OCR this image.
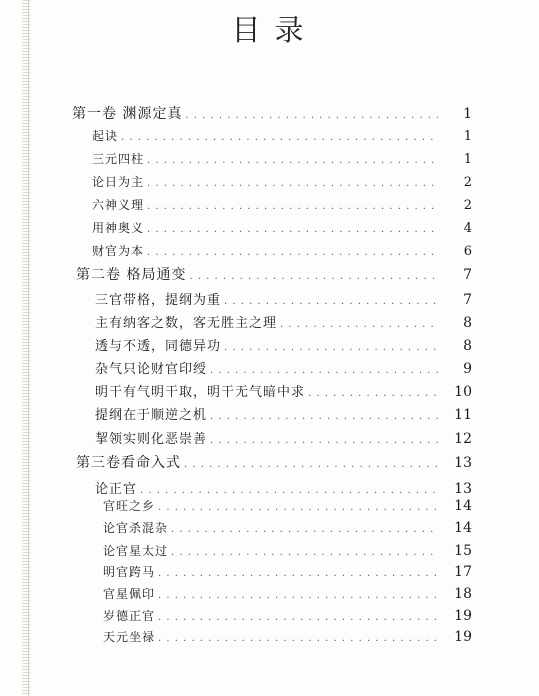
目录
第一卷 渊源定真 . . .	1
起诀 . . .	1
三元四柱 . . .	1
论日为主 . . .	2
六神义理 . . .	2
用神奥义 . . .	4
财官为本 . . .	6
第二卷 格局通变 . . .	7
三官带格，提纲为重 . . .	7
主有纳客之数，客无胜主之理 . . .	8
透与不透，同德异功 . . .	8
杂气只论财官印绶 . . .	9
明干有气明干取，明干无气暗中求 . . .	10
提纲在于顺逆之机 . . .	11
挈领实则化恶崇善 . . .	12
第三卷看命入式 . . .	13
论正官 . . .	13
官旺之乡 . . .	14
论官杀混杂 . . .	14
论官星太过 . . .	15
明官跨马 . . .	17
官星佩印 . . .	18
岁德正官 . . .	19
天元坐禄 . . .	19
